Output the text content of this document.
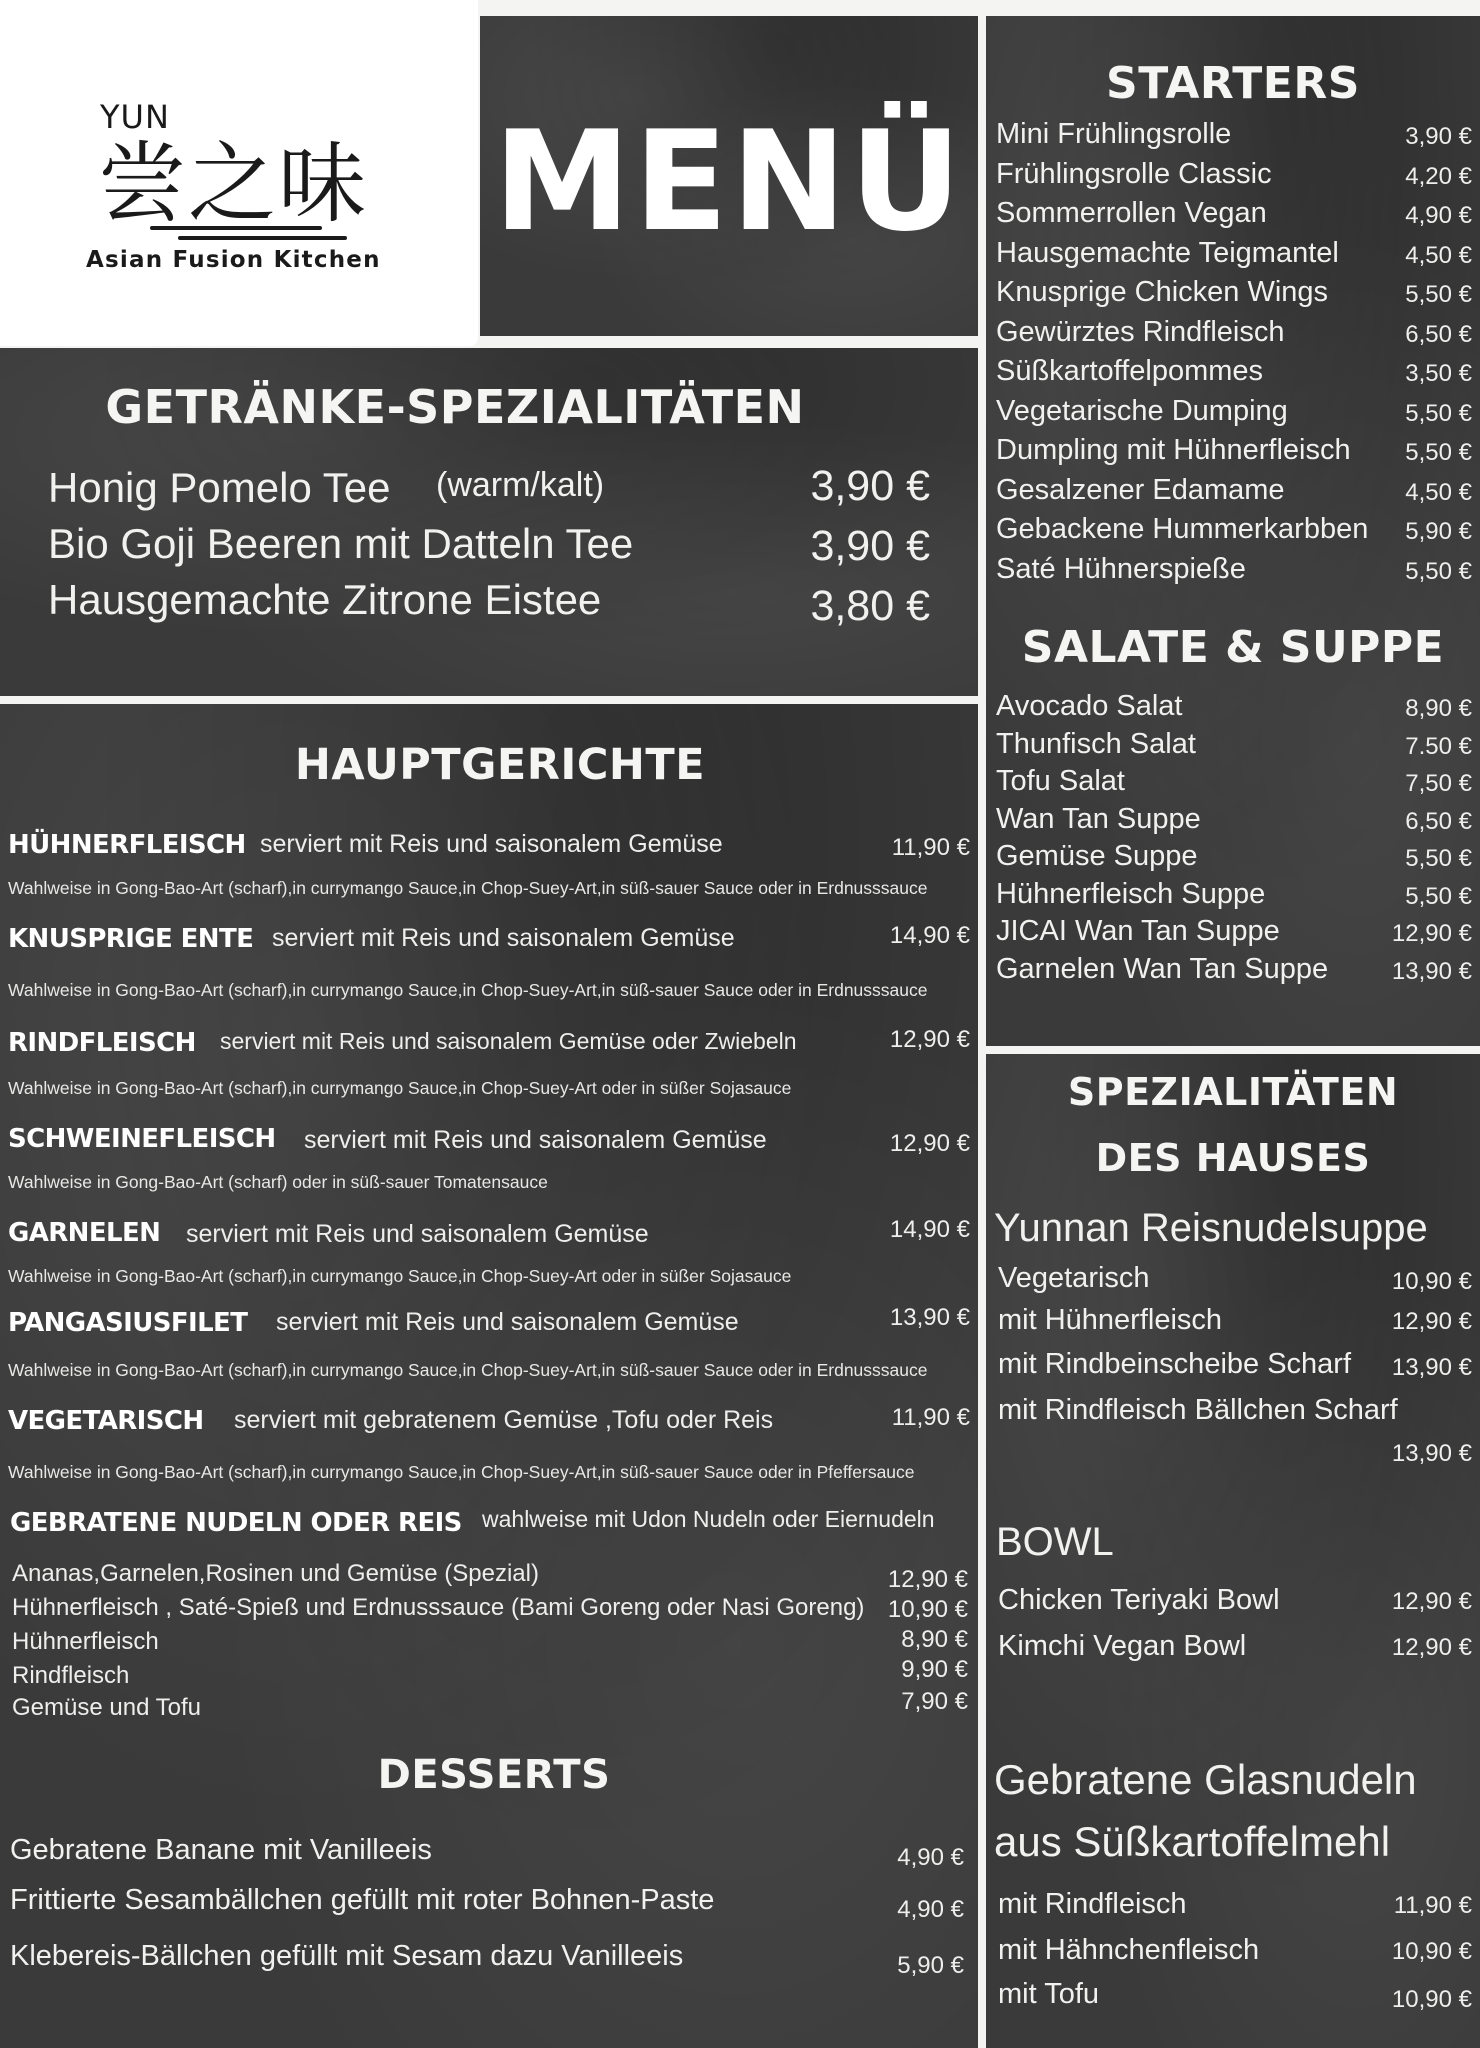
YUN
尝之味
Asian Fusion Kitchen MENÜ
GETRÄNKE-SPEZIALITÄTEN
Honig Pomelo Tee (warm/kalt)	3,90 €
Bio Goji Beeren mit Datteln Tee	3,90 €
Hausgemachte Zitrone Eistee	3,80 €
HAUPTGERICHTE
HÜHNERFLEISCH serviert mit Reis und saisonalem Gemüse	11,90 €
Wahlweise in Gong-Bao-Art (scharf),in currymango Sauce,in Chop-Suey-Art,in süß-sauer Sauce oder in Erdnusssauce
KNUSPRIGE ENTE serviert mit Reis und saisonalem Gemüse	14,90 €
Wahlweise in Gong-Bao-Art (scharf),in currymango Sauce,in Chop-Suey-Art,in süß-sauer Sauce oder in Erdnusssauce
RINDFLEISCH serviert mit Reis und saisonalem Gemüse oder Zwiebeln	12,90 €
Wahlweise in Gong-Bao-Art (scharf),in currymango Sauce,in Chop-Suey-Art oder in süßer Sojasauce
SCHWEINEFLEISCH serviert mit Reis und saisonalem Gemüse	12,90 €
Wahlweise in Gong-Bao-Art (scharf) oder in süß-sauer Tomatensauce
GARNELEN serviert mit Reis und saisonalem Gemüse	14,90 €
Wahlweise in Gong-Bao-Art (scharf),in currymango Sauce,in Chop-Suey-Art oder in süßer Sojasauce
PANGASIUSFILET serviert mit Reis und saisonalem Gemüse	13,90 €
Wahlweise in Gong-Bao-Art (scharf),in currymango Sauce,in Chop-Suey-Art,in süß-sauer Sauce oder in Erdnusssauce
VEGETARISCH serviert mit gebratenem Gemüse ,Tofu oder Reis	11,90 €
Wahlweise in Gong-Bao-Art (scharf),in currymango Sauce,in Chop-Suey-Art,in süß-sauer Sauce oder in Pfeffersauce
GEBRATENE NUDELN ODER REIS wahlweise mit Udon Nudeln oder Eiernudeln
Ananas,Garnelen,Rosinen und Gemüse (Spezial)	12,90 €
Hühnerfleisch , Saté-Spieß und Erdnusssauce (Bami Goreng oder Nasi Goreng) 10,90 €
Hühnerfleisch	8,90 €
Rindfleisch	9,90 €
Gemüse und Tofu	7,90 €
DESSERTS
Gebratene Banane mit Vanilleeis	4,90 €
Frittierte Sesambällchen gefüllt mit roter Bohnen-Paste	4,90 €
Klebereis-Bällchen gefüllt mit Sesam dazu Vanilleeis	5,90 €
STARTERS
Mini Frühlingsrolle	3,90 €
Frühlingsrolle Classic	4,20 €
Sommerrollen Vegan	4,90 €
Hausgemachte Teigmantel	4,50 €
Knusprige Chicken Wings	5,50 €
Gewürztes Rindfleisch	6,50 €
Süßkartoffelpommes	3,50 €
Vegetarische Dumping	5,50 €
Dumpling mit Hühnerfleisch 5,50 €
Gesalzener Edamame	4,50 €
Gebackene Hummerkarbben 5,90 €
Saté Hühnerspieße	5,50 €
SALATE & SUPPE
Avocado Salat	8,90 €
Thunfisch Salat	7.50 €
Tofu Salat	7,50 €
Wan Tan Suppe	6,50 €
Gemüse Suppe	5,50 €
Hühnerfleisch Suppe	5,50 €
JICAI Wan Tan Suppe	12,90 €
Garnelen Wan Tan Suppe	13,90 €
SPEZIALITÄTEN
DES HAUSES
Yunnan Reisnudelsuppe
Vegetarisch	10,90 €
mit Hühnerfleisch	12,90 €
mit Rindbeinscheibe Scharf 13,90 €
mit Rindfleisch Bällchen Scharf
13,90 €
BOWL
Chicken Teriyaki Bowl	12,90 €
Kimchi Vegan Bowl	12,90 €
Gebratene Glasnudeln
aus Süßkartoffelmehl
mit Rindfleisch	11,90 €
mit Hähnchenfleisch	10,90 €
mit Tofu	10,90 €
